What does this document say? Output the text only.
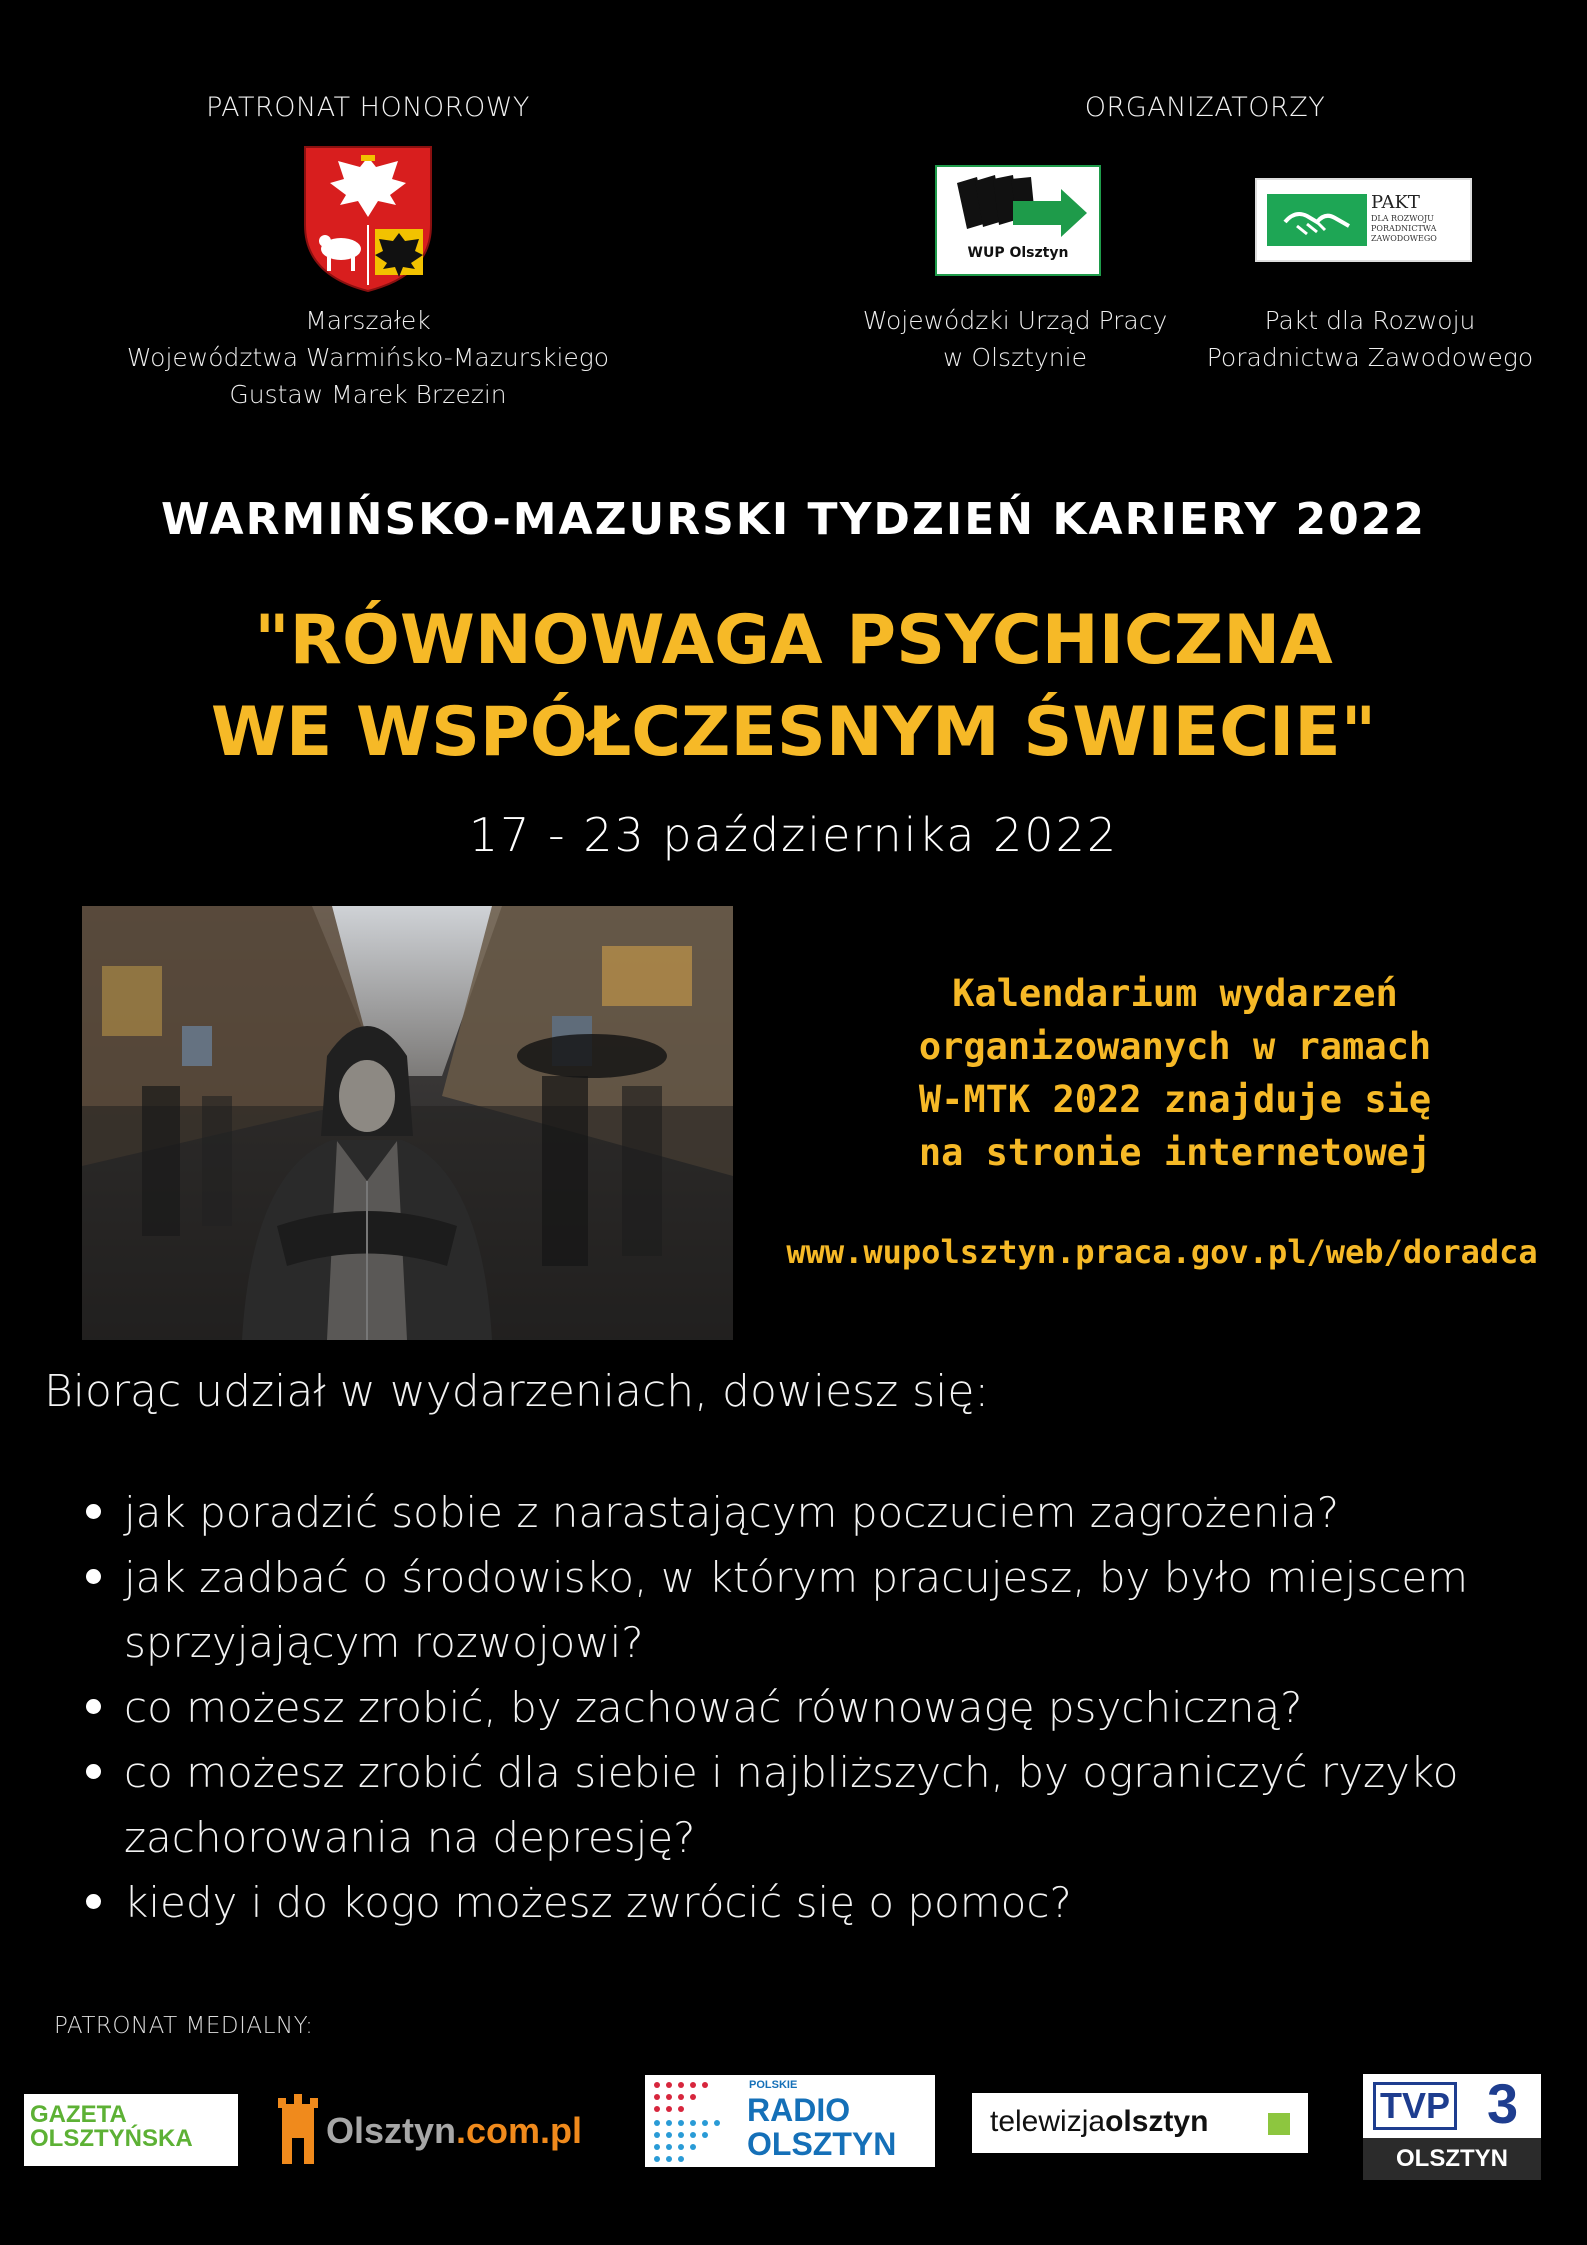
PATRONAT HONOROWY
Marszałek
Województwa Warmińsko-Mazurskiego
Gustaw Marek Brzezin
ORGANIZATORZY
WUP Olsztyn
PAKT
DLA ROZWOJU
PORADNICTWA
ZAWODOWEGO
Wojewódzki Urząd Pracy
w Olsztynie
Pakt dla Rozwoju
Poradnictwa Zawodowego
WARMIŃSKO-MAZURSKI TYDZIEŃ KARIERY 2022
"RÓWNOWAGA PSYCHICZNA
WE WSPÓŁCZESNYM ŚWIECIE"
17 - 23 października 2022
Kalendarium wydarzeń
organizowanych w ramach
W-MTK 2022 znajduje się
na stronie internetowej
www.wupolsztyn.praca.gov.pl/web/doradca
Biorąc udział w wydarzeniach, dowiesz się:
jak poradzić sobie z narastającym poczuciem zagrożenia?
jak zadbać o środowisko, w którym pracujesz, by było miejscem sprzyjającym rozwojowi?
co możesz zrobić, by zachować równowagę psychiczną?
co możesz zrobić dla siebie i najbliższych, by ograniczyć ryzyko zachorowania na depresję?
kiedy i do kogo możesz zwrócić się o pomoc?
PATRONAT MEDIALNY:
GAZETA
OLSZTYŃSKA	Olsztyn.com.pl
POLSKIE
RADIO
OLSZTYN
telewizjaolsztyn	TVP 3
OLSZTYN
